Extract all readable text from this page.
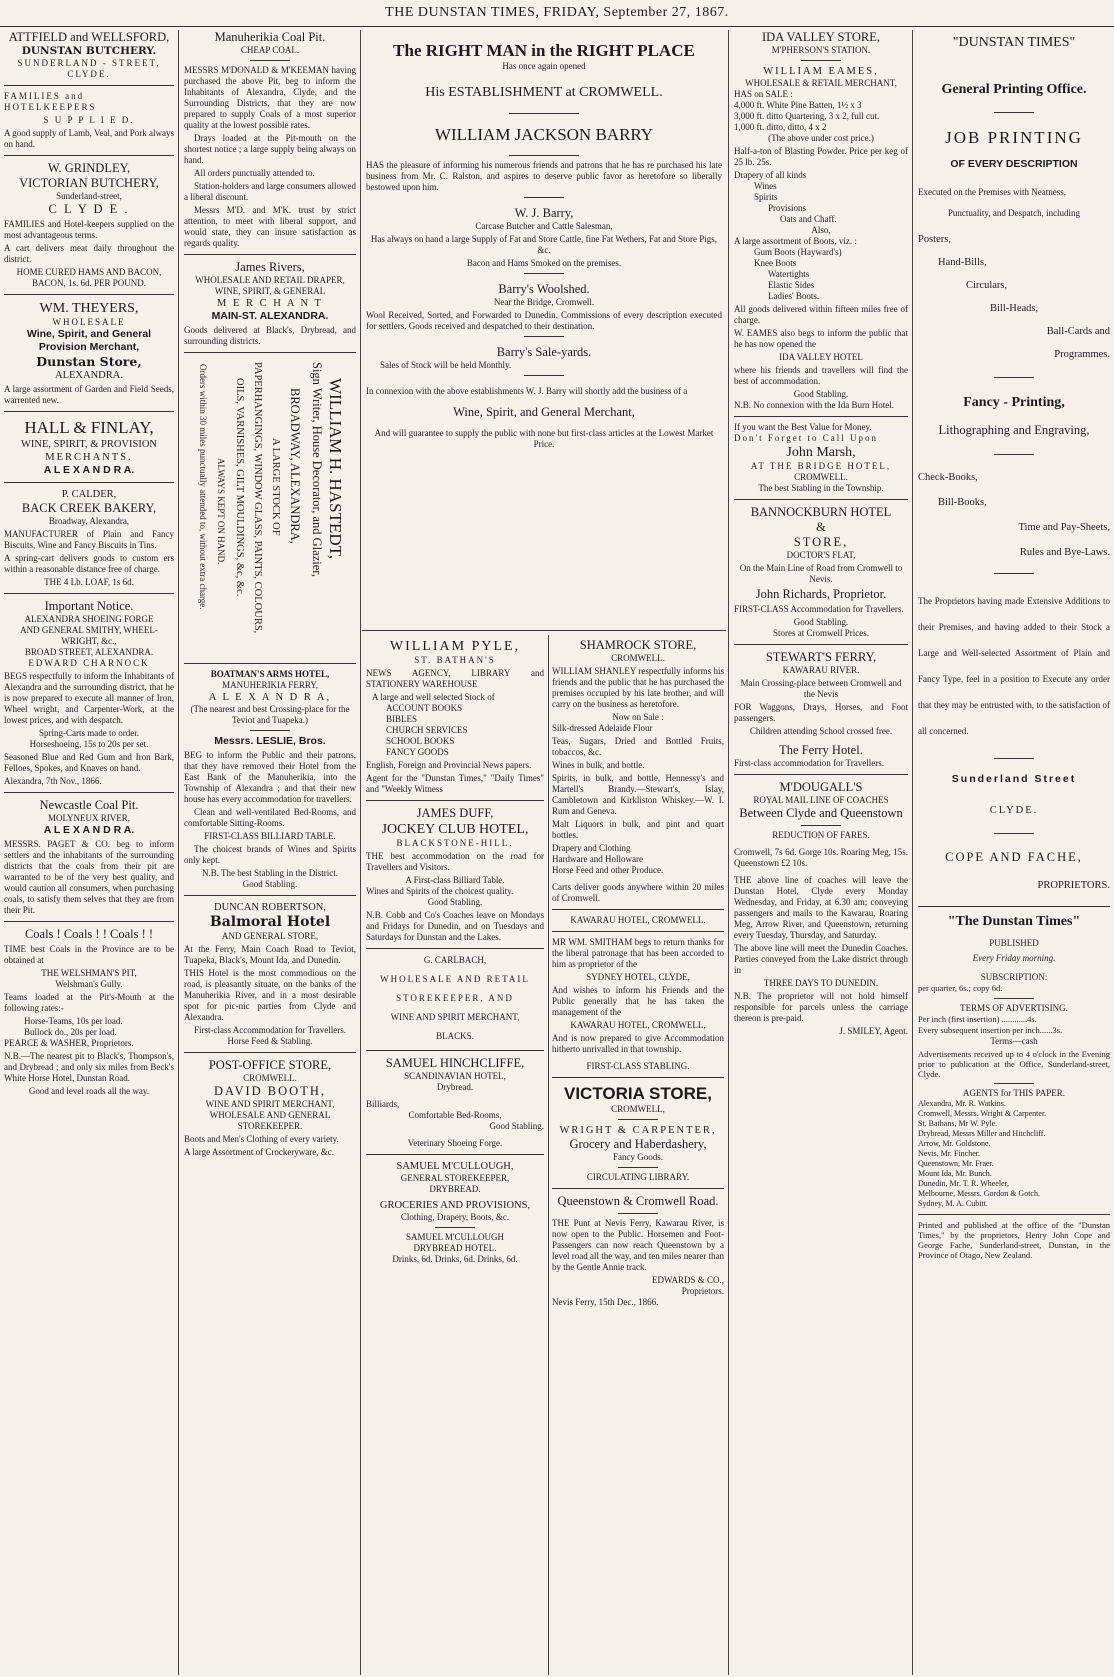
THE DUNSTAN TIMES, FRIDAY, September 27, 1867.
ATTFIELD and WELLSFORD,
DUNSTAN BUTCHERY.
SUNDERLAND - STREET, CLYDE.

FAMILIES and HOTELKEEPERS

S U P P L I E D.

A good supply of Lamb, Veal, and Pork always on hand.

W. GRINDLEY,
VICTORIAN BUTCHERY,
Sunderland-street,
C L Y D E .

FAMILIES and Hotel-keepers supplied on the most advantageous terms.

A cart delivers meat daily throughout the district.

HOME CURED HAMS AND BACON,
BACON, 1s. 6d. PER POUND.
WM. THEYERS,
WHOLESALE
Wine, Spirit, and General
Provision Merchant,
Dunstan Store,
ALEXANDRA.

A large assortment of Garden and Field Seeds, warrented new.

HALL & FINLAY,
WINE, SPIRIT, & PROVISION
MERCHANTS.
A L E X A N D R A.
P. CALDER,
BACK CREEK BAKERY,
Broadway, Alexandra,

MANUFACTURER of Plain and Fancy Biscuits, Wine and Fancy Biscuits in Tins.

A spring-cart delivers goods to custom ers within a reasonable distance free of charge.

THE 4 Lb. LOAF, 1s 6d.
Important Notice.
ALEXANDRA SHOEING FORGE
AND GENERAL SMITHY, WHEEL-
WRIGHT, &c.,
BROAD STREET, ALEXANDRA.
EDWARD CHARNOCK

BEGS respectfully to inform the Inhabitants of Alexandra and the surrounding district, that he is now prepared to execute all manner of Iron, Wheel wright, and Carpenter-Work, at the lowest prices, and with despatch.

Spring-Carts made to order.
Horseshoeing, 15s to 20s per set.

Seasoned Blue and Red Gum and Iron Bark, Felloes, Spokes, and Knaves on hand.

Alexandra, 7th Nov., 1866.
Newcastle Coal Pit.
MOLYNEUX RIVER,
A L E X A N D R A.

MESSRS. PAGET & CO. beg to inform settlers and the inhabitants of the surrounding districts that the coals from their pit are warranted to be of the very best quality, and would caution all consumers, when purchasing coals, to satisfy them selves that they are from their Pit.

Coals ! Coals ! ! Coals ! !

TIME best Coals in the Province are to be obtained at

THE WELSHMAN'S PIT,
Welshman's Gully.

Teams loaded at the Pit's-Mouth at the following rates:-

Horse-Teams, 10s per load.
Bullock do., 20s per load.
PEARCE & WASHER, Proprietors.

N.B.—The nearest pit to Black's, Thompson's, and Drybread ; and only six miles from Beck's White Horse Hotel, Dunstan Road.

Good and level roads all the way.
Manuherikia Coal Pit.
CHEAP COAL.

MESSRS M'DONALD & M'KEEMAN having purchased the above Pit, beg to inform the Inhabitants of Alexandra, Clyde, and the Surrounding Districts, that they are now prepared to supply Coals of a most superior quality at the lowest possible rates.

Drays loaded at the Pit-mouth on the shortest notice ; a large supply being always on hand.

All orders punctually attended to.

Station-holders and large consumers allowed a liberal discount.

Messrs M'D. and M'K. trust by strict attention, to meet with liberal support, and would state, they can insure satisfaction as regards quality.

James Rivers,
WHOLESALE AND RETAIL DRAPER,
WINE, SPIRIT, & GENERAL
M E R C H A N T
MAIN-ST. ALEXANDRA.

Goods delivered at Black's, Drybread, and surrounding districts.

WILLIAM H. HASTEDT,
Sign Writer, House Decorator, and Glazier,
BROADWAY, ALEXANDRA,
A LARGE STOCK OF
PAPERHANGINGS, WINDOW GLASS, PAINTS, COLOURS,
OILS, VARNISHES, GILT MOULDINGS, &c, &c.
ALWAYS KEPT ON HAND.
Orders within 30 miles punctually attended to, without extra charge.
BOATMAN'S ARMS HOTEL,
MANUHERIKIA FERRY,
A L E X A N D R A,
(The nearest and best Crossing-place for the Teviot and Tuapeka.)
Messrs. LESLIE, Bros.

BEG to inform the Public and their patrons, that they have removed their Hotel from the East Bank of the Manuherikia, into the Township of Alexandra ; and that their new house has every accommodation for travellers.

Clean and well-ventilated Bed-Rooms, and comfortable Sitting-Rooms.

FIRST-CLASS BILLIARD TABLE.

The choicest brands of Wines and Spirits only kept.

N.B. The best Stabling in the District.
Good Stabling.
DUNCAN ROBERTSON,
Balmoral Hotel
AND GENERAL STORE,

At the Ferry, Main Coach Road to Teviot, Tuapeka, Black's, Mount Ida, and Dunedin.

THIS Hotel is the most commodious on the road, is pleasantly situate, on the banks of the Manuherikia River, and in a most desirable spot for pic-nic parties from Clyde and Alexandra.

First-class Accommodation for Travellers.
Horse Feed & Stabling.
POST-OFFICE STORE,
CROMWELL.
DAVID BOOTH,
WINE AND SPIRIT MERCHANT,
WHOLESALE AND GENERAL
STOREKEEPER.

Boots and Men's Clothing of every variety.

A large Assortment of Crockeryware, &c.

The RIGHT MAN in the RIGHT PLACE
Has once again opened
His ESTABLISHMENT at CROMWELL.
WILLIAM JACKSON BARRY

HAS the pleasure of informing his numerous friends and patrons that he has re purchased his late business from Mr. C. Ralston, and aspires to deserve public favor as heretofore so liberally bestowed upon him.

W. J. Barry,
Carcase Butcher and Cattle Salesman,

Has always on hand a large Supply of Fat and Store Cattle, fine Fat Wethers, Fat and Store Pigs, &c.

Bacon and Hams Smoked on the premises.
Barry's Woolshed.
Near the Bridge, Cromwell.

Wool Received, Sorted, and Forwarded to Dunedin. Commissions of every description executed for settlers. Goods received and despatched to their destination.

Barry's Sale-yards.
Sales of Stock will be held Monthly.

In connexion with the above establishments W. J. Barry will shortly add the business of a

Wine, Spirit, and General Merchant,

And will guarantee to supply the public with none but first-class articles at the Lowest Market Price.

WILLIAM PYLE,
ST. BATHAN'S

NEWS AGENCY, LIBRARY and STATIONERY WAREHOUSE

A large and well selected Stock of
ACCOUNT BOOKS
BIBLES
CHURCH SERVICES
SCHOOL BOOKS
FANCY GOODS

English, Foreign and Provincial News papers.

Agent for the "Dunstan Times," "Daily Times" and "Weekly Witness

JAMES DUFF,
JOCKEY CLUB HOTEL,
BLACKSTONE-HILL.

THE best accommodation on the road for Travellers and Visitors.

A First-class Billiard Table.
Wines and Spirits of the choicest quality.
Good Stabling.

N.B. Cobb and Co's Coaches leave on Mondays and Fridays for Dunedin, and on Tuesdays and Saturdays for Dunstan and the Lakes.

G. CARLBACH,
WHOLESALE AND RETAIL
STOREKEEPER, AND
WINE AND SPIRIT MERCHANT,
BLACKS.
SAMUEL HINCHCLIFFE,
SCANDINAVIAN HOTEL,
Drybread.
Billiards,
Comfortable Bed-Rooms,
Good Stabling.
Veterinary Shoeing Forge.
SAMUEL M'CULLOUGH,
GENERAL STOREKEEPER,
DRYBREAD.
GROCERIES AND PROVISIONS,
Clothing, Drapery, Boots, &c.
SAMUEL M'CULLOUGH
DRYBREAD HOTEL.
Drinks, 6d. Drinks, 6d. Drinks, 6d.
SHAMROCK STORE,
CROMWELL.

WILLIAM SHANLEY respectfully informs his friends and the public that he has purchased the premises occupied by his late brother, and will carry on the business as heretofore.

Now on Sale :
Silk-dressed Adelaide Flour

Teas, Sugars, Dried and Bottled Fruits, tobaccos, &c.

Wines in bulk, and bottle.

Spirits, in bulk, and bottle, Hennessy's and Martell's Brandy.—Stewart's, Islay, Cambletown and Kirkliston Whiskey.—W. I. Rum and Geneva.

Malt Liquors in bulk, and pint and quart bottles.

Drapery and Clothing
Hardware and Holloware
Horse Feed and other Produce.

Carts deliver goods anywhere within 20 miles of Cromwell.

KAWARAU HOTEL, CROMWELL.

MR WM. SMITHAM begs to return thanks for the liberal patronage that has been accorded to him as proprietor of the

SYDNEY HOTEL, CLYDE,

And wishes to inform his Friends and the Public generally that he has taken the management of the

KAWARAU HOTEL, CROMWELL,

And is now prepared to give Accommodation hitherto unrivalled in that township.

FIRST-CLASS STABLING.
VICTORIA STORE,
CROMWELL,
WRIGHT & CARPENTER,
Grocery and Haberdashery,
Fancy Goods.
CIRCULATING LIBRARY.
Queenstown & Cromwell Road.

THE Punt at Nevis Ferry, Kawarau River, is now open to the Public. Horsemen and Foot-Passengers can now reach Queenstown by a level road all the way, and ten miles nearer than by the Gentle Annie track.

EDWARDS & CO.,
Proprietors.
Nevis Ferry, 15th Dec., 1866.
IDA VALLEY STORE,
M'PHERSON'S STATION.
WILLIAM EAMES,
WHOLESALE & RETAIL MERCHANT,
HAS on SALE :
4,000 ft. White Pine Batten, 1½ x 3
3,000 ft. ditto Quartering, 3 x 2, full cut.
1,000 ft. ditto, ditto, 4 x 2
(The above under cost price.)

Half-a-ton of Blasting Powder. Price per keg of 25 lb. 25s.

Drapery of all kinds
Wines
Spirits
Provisions
Oats and Chaff.
Also,
A large assortment of Boots, viz. :
Gum Boots (Hayward's)
Knee Boots
Watertights
Elastic Sides
Ladies' Boots.

All goods delivered within fifteen miles free of charge.

W. EAMES also begs to inform the public that he has now opened the

IDA VALLEY HOTEL

where his friends and travellers will find the best of accommodation.

Good Stabling.
N.B. No connexion with the Ida Burn Hotel.
If you want the Best Value for Money.
Don't Forget to Call Upon
John Marsh,
AT THE BRIDGE HOTEL,
CROMWELL.
The best Stabling in the Township.
BANNOCKBURN HOTEL
&
STORE,
DOCTOR'S FLAT,

On the Main Line of Road from Cromwell to Nevis.

John Richards, Proprietor.

FIRST-CLASS Accommodation for Travellers.

Good Stabling.
Stores at Cromwell Prices.
STEWART'S FERRY,
KAWARAU RIVER.

Main Crossing-place between Cromwell and the Nevis

FOR Waggons, Drays, Horses, and Foot passengers.

Children attending School crossed free.
The Ferry Hotel.
First-class accommodation for Travellers.
M'DOUGALL'S
ROYAL MAIL LINE OF COACHES
Between Clyde and Queenstown
REDUCTION OF FARES.

Cromwell, 7s 6d. Gorge 10s. Roaring Meg, 15s. Queenstown £2 10s.

THE above line of coaches will leave the Dunstan Hotel, Clyde every Monday Wednesday, and Friday, at 6.30 am; conveying passengers and mails to the Kawarau, Roaring Meg, Arrow River, and Queenstown, returning every Tuesday, Thursday, and Saturday.

The above line will meet the Dunedin Coaches. Parties conveyed from the Lake district through in

THREE DAYS TO DUNEDIN.

N.B. The proprietor will not hold himself responsible for parcels unless the carriage thereon is pre-paid.

J. SMILEY, Agent.
"DUNSTAN TIMES"
General Printing Office.
JOB PRINTING
OF EVERY DESCRIPTION

Executed on the Premises with Neatness,

Punctuality, and Despatch, including

Posters,
Hand-Bills,
Circulars,
Bill-Heads,
Ball-Cards and
Programmes.
Fancy - Printing,
Lithographing and Engraving,
Check-Books,
Bill-Books,
Time and Pay-Sheets,
Rules and Bye-Laws.

The Proprietors having made Extensive Additions to their Premises, and having added to their Stock a Large and Well-selected Assortment of Plain and Fancy Type, feel in a position to Execute any order that they may be entrusted with, to the satisfaction of all concerned.

Sunderland Street
CLYDE.
COPE AND FACHE,
PROPRIETORS.
"The Dunstan Times"
PUBLISHED
Every Friday morning.
SUBSCRIPTION:
per quarter, 6s.; copy 6d.
TERMS OF ADVERTISING.
Per inch (first insertion) ............4s.
Every subsequent insertion per inch......3s.
Terms—cash

Advertisements received up to 4 o'clock in the Evening prior to publication at the Office, Sunderland-street, Clyde.

AGENTS for THIS PAPER.
Alexandra, Mr. R. Watkins.
Cromwell, Messrs. Wright & Carpenter.
St. Bathans, Mr W. Pyle.
Drybread, Messrs Miller and Hitchcliff.
Arrow, Mr. Goldstone.
Nevis, Mr. Fincher.
Queenstown, Mr. Fraer.
Mount Ida, Mr. Bunch.
Dunedin, Mr. T. R. Wheeler,
Melbourne, Messrs. Gordon & Gotch.
Sydney, M. A. Cubitt.

Printed and published at the office of the "Dunstan Times," by the proprietors, Henry John Cope and George Fache, Sunderland-street, Dunstan, in the Province of Otago, New Zealand.
